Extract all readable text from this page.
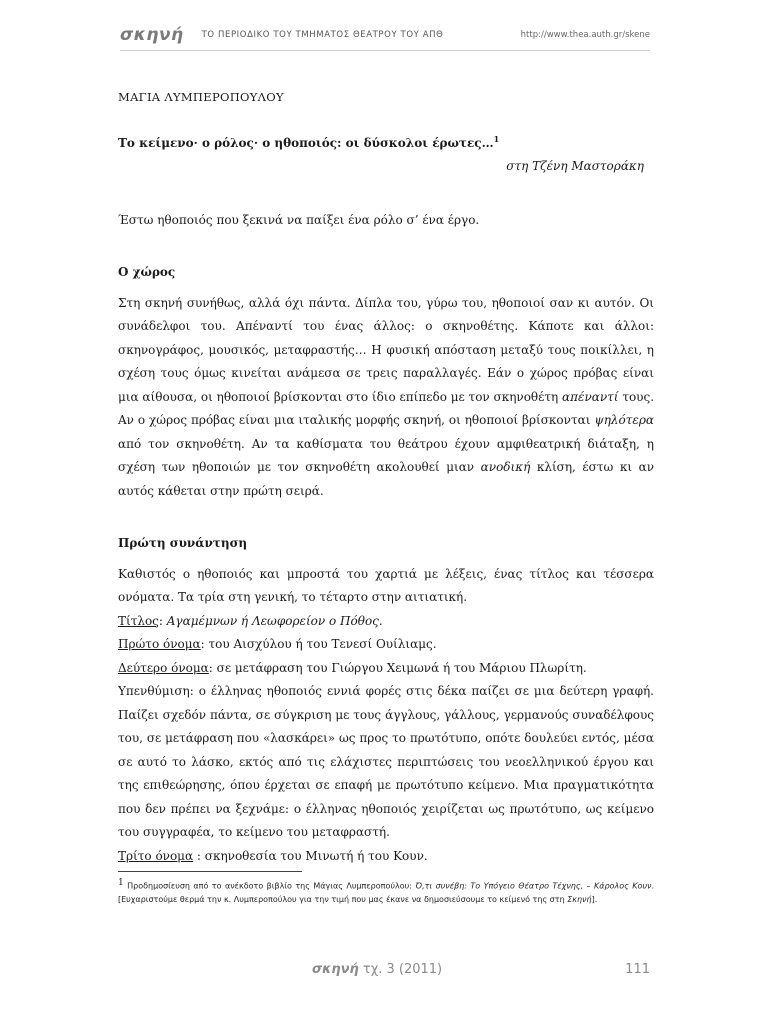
σκηνή ΤΟ ΠΕΡΙΟΔΙΚΟ ΤΟΥ ΤΜΗΜΑΤΟΣ ΘΕΑΤΡΟΥ ΤΟΥ ΑΠΘ	http://www.thea.auth.gr/skene

ΜΑΓΙΑ ΛΥΜΠΕΡΟΠΟΥΛΟΥ

Το κείμενο· ο ρόλος· ο ηθοποιός: οι δύσκολοι έρωτες…$^1$

στη Τζένη Μαστοράκη

Έστω ηθοποιός που ξεκινά να παίξει ένα ρόλο σ’ ένα έργο.

Ο χώρος

Στη σκηνή συνήθως, αλλά όχι πάντα. Δίπλα του, γύρω του, ηθοποιοί σαν κι αυτόν. Οι συνάδελφοι του. Απέναντί του ένας άλλος: ο σκηνοθέτης. Κάποτε και άλλοι: σκηνογράφος, μουσικός, μεταφραστής… Η φυσική απόσταση μεταξύ τους ποικίλλει, η σχέση τους όμως κινείται ανάμεσα σε τρεις παραλλαγές. Εάν ο χώρος πρόβας είναι μια αίθουσα, οι ηθοποιοί βρίσκονται στο ίδιο επίπεδο με τον σκηνοθέτη απέναντί τους. Αν ο χώρος πρόβας είναι μια ιταλικής μορφής σκηνή, οι ηθοποιοί βρίσκονται ψηλότερα από τον σκηνοθέτη. Αν τα καθίσματα του θεάτρου έχουν αμφιθεατρική διάταξη, η σχέση των ηθοποιών με τον σκηνοθέτη ακολουθεί μιαν ανοδική κλίση, έστω κι αν αυτός κάθεται στην πρώτη σειρά.

Πρώτη συνάντηση

Καθιστός ο ηθοποιός και μπροστά του χαρτιά με λέξεις, ένας τίτλος και τέσσερα ονόματα. Τα τρία στη γενική, το τέταρτο στην αιτιατική.

Τίτλος: Αγαμέμνων ή Λεωφορείον ο Πόθος.

Πρώτο όνομα: του Αισχύλου ή του Τενεσί Ουίλιαμς.

Δεύτερο όνομα: σε μετάφραση του Γιώργου Χειμωνά ή του Μάριου Πλωρίτη.

Υπενθύμιση: ο έλληνας ηθοποιός εννιά φορές στις δέκα παίζει σε μια δεύτερη γραφή. Παίζει σχεδόν πάντα, σε σύγκριση με τους άγγλους, γάλλους, γερμανούς συναδέλφους του, σε μετάφραση που «λασκάρει» ως προς το πρωτότυπο, οπότε δουλεύει εντός, μέσα σε αυτό το λάσκο, εκτός από τις ελάχιστες περιπτώσεις του νεοελληνικού έργου και της επιθεώρησης, όπου έρχεται σε επαφή με πρωτότυπο κείμενο. Μια πραγματικότητα που δεν πρέπει να ξεχνάμε: ο έλληνας ηθοποιός χειρίζεται ως πρωτότυπο, ως κείμενο του συγγραφέα, το κείμενο του μεταφραστή.

Τρίτο όνομα : σκηνοθεσία του Μινωτή ή του Κουν.

$^1$ Προδημοσίευση από το ανέκδοτο βιβλίο της Μάγιας Λυμπεροπούλου: Ό,τι συνέβη: Το Υπόγειο Θέατρο Τέχνης, – Κάρολος Κουν. [Ευχαριστούμε θερμά την κ. Λυμπεροπούλου για την τιμή που μας έκανε να δημοσιεύσουμε το κείμενό της στη Σκηνή].
σκηνή τχ. 3 (2011)	111
